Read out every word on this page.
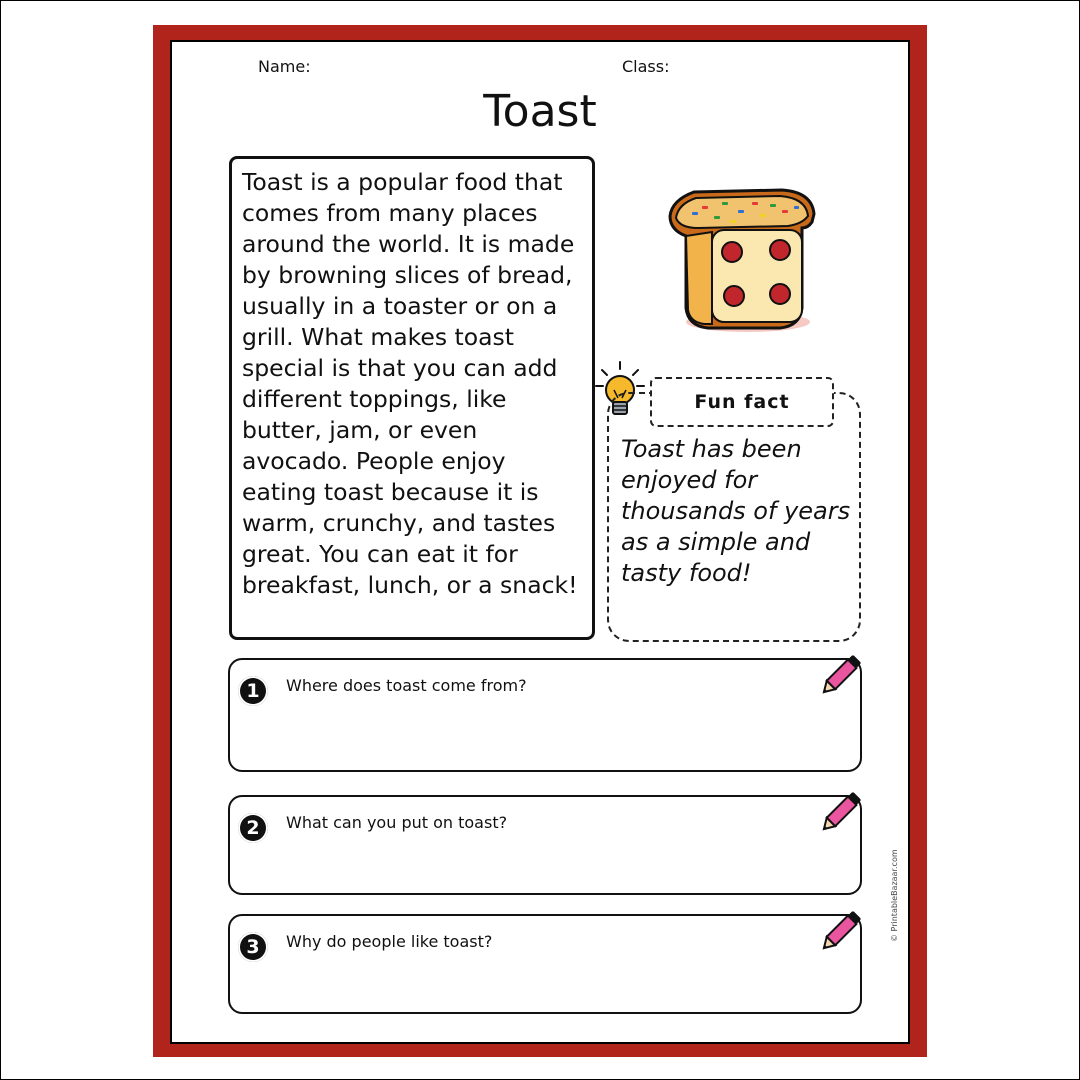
Name:	Class:
Toast
Toast is a popular food that comes from many places around the world. It is made by browning slices of bread, usually in a toaster or on a grill. What makes toast special is that you can add different toppings, like butter, jam, or even avocado. People enjoy eating toast because it is warm, crunchy, and tastes great. You can eat it for breakfast, lunch, or a snack!
Fun fact
Toast has been enjoyed for thousands of years as a simple and tasty food!
1 Where does toast come from?
2 What can you put on toast?
3 Why do people like toast?	© PrintableBazaar.com
